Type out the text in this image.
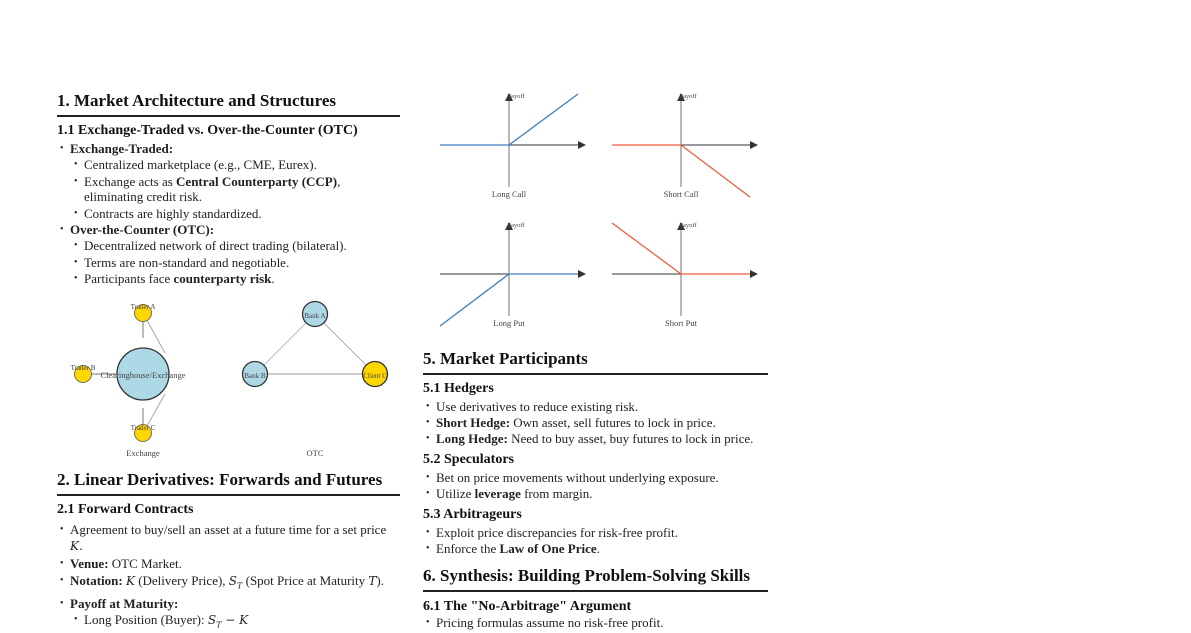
1. Market Architecture and Structures
1.1 Exchange-Traded vs. Over-the-Counter (OTC)
• Exchange-Traded:
• Centralized marketplace (e.g., CME, Eurex).
• Exchange acts as Central Counterparty (CCP), eliminating credit risk.
• Contracts are highly standardized.
• Over-the-Counter (OTC):
• Decentralized network of direct trading (bilateral).
• Terms are non-standard and negotiable.
• Participants face counterparty risk.
Clearinghouse/Exchange
Trader A
Trader B
Trader C
Exchange
Bank A
Bank B	Client C
OTC
2. Linear Derivatives: Forwards and Futures
2.1 Forward Contracts
• Agreement to buy/sell an asset at a future time for a set price
K.
• Venue: OTC Market.
• Notation: K (Delivery Price), $S_T$ (Spot Price at Maturity T).
• Payoff at Maturity:
• Long Position (Buyer): $S_T - K$
Payoff
Long Call
Payoff
Short Call
Payoff
Long Put
Payoff
Short Put
5. Market Participants
5.1 Hedgers
• Use derivatives to reduce existing risk.
• Short Hedge: Own asset, sell futures to lock in price.
• Long Hedge: Need to buy asset, buy futures to lock in price.
5.2 Speculators
• Bet on price movements without underlying exposure.
• Utilize leverage from margin.
5.3 Arbitrageurs
• Exploit price discrepancies for risk-free profit.
• Enforce the Law of One Price.
6. Synthesis: Building Problem-Solving Skills
6.1 The "No-Arbitrage" Argument
• Pricing formulas assume no risk-free profit.
